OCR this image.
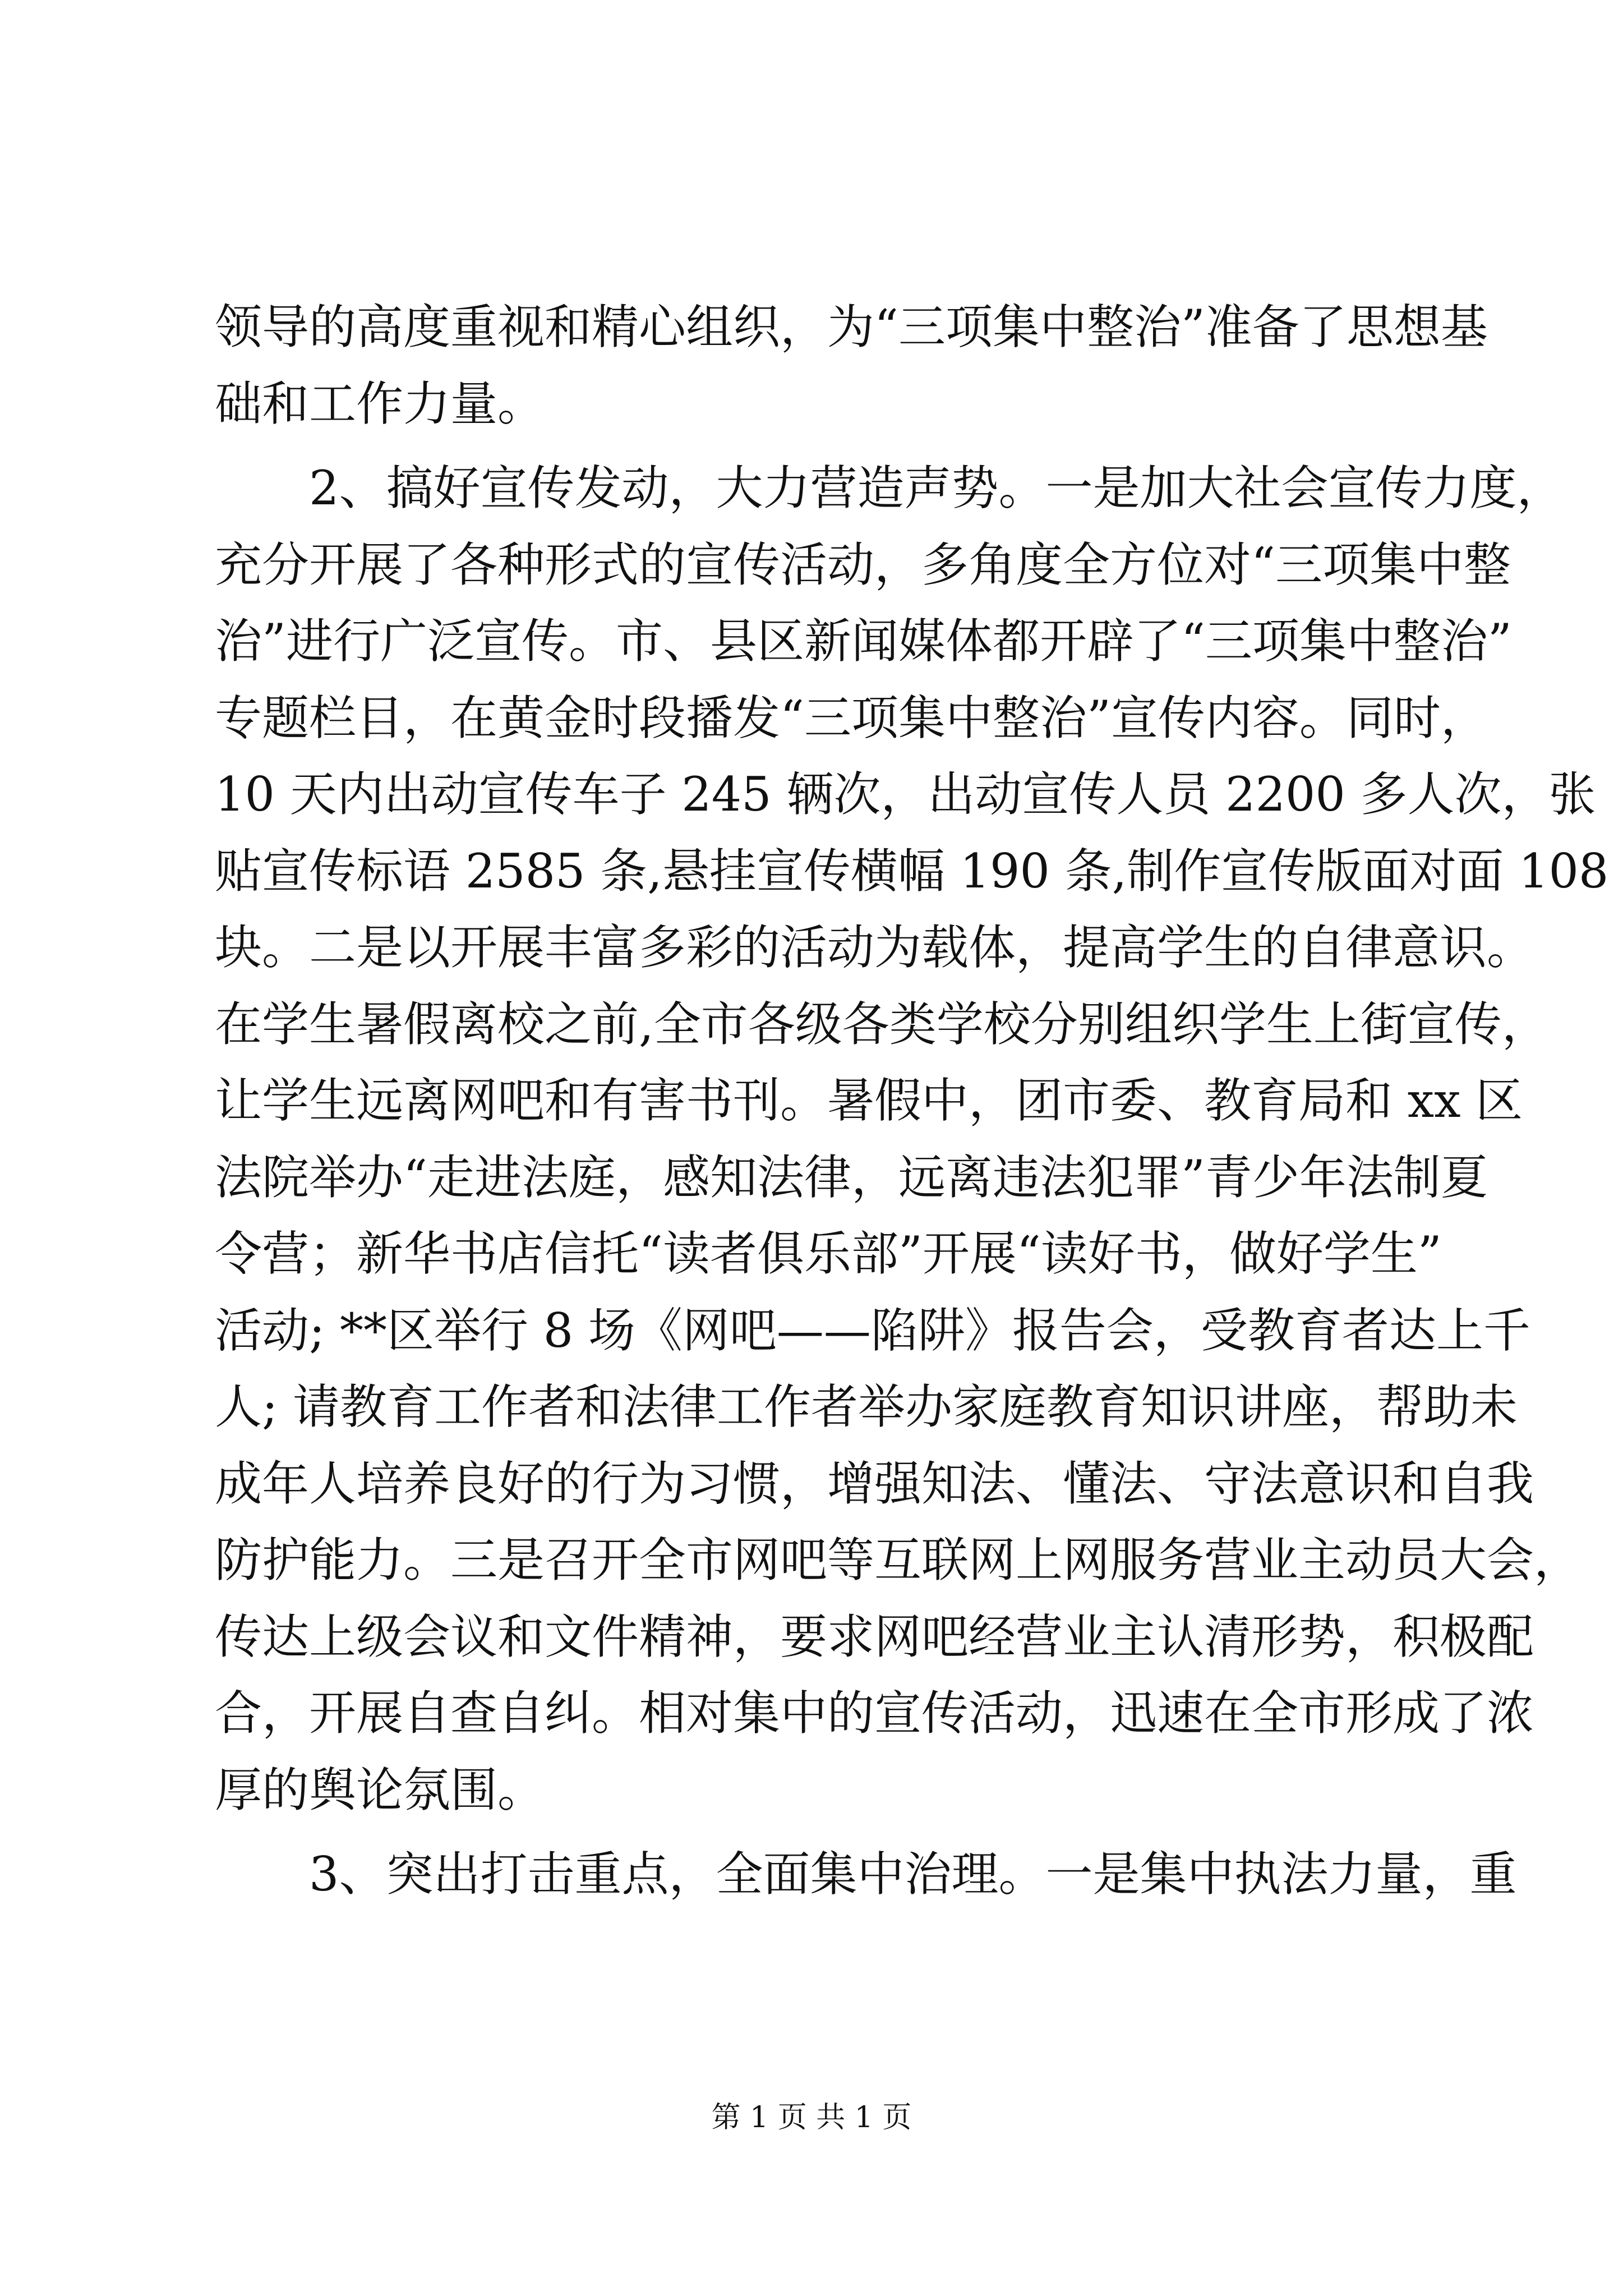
领导的高度重视和精心组织，为“三项集中整治”准备了思想基
础和工作力量。

2、搞好宣传发动，大力营造声势。一是加大社会宣传力度，
充分开展了各种形式的宣传活动，多角度全方位对“三项集中整
治”进行广泛宣传。市、县区新闻媒体都开辟了“三项集中整治”
专题栏目，在黄金时段播发“三项集中整治”宣传内容。同时，
10 天内出动宣传车子 245 辆次，出动宣传人员 2200 多人次，张
贴宣传标语 2585 条,悬挂宣传横幅 190 条,制作宣传版面对面 108
块。二是以开展丰富多彩的活动为载体，提高学生的自律意识。
在学生暑假离校之前,全市各级各类学校分别组织学生上街宣传，
让学生远离网吧和有害书刊。暑假中，团市委、教育局和 xx 区
法院举办“走进法庭，感知法律，远离违法犯罪”青少年法制夏
令营；新华书店信托“读者俱乐部”开展“读好书，做好学生”
活动; **区举行 8 场《网吧——陷阱》报告会，受教育者达上千
人; 请教育工作者和法律工作者举办家庭教育知识讲座，帮助未
成年人培养良好的行为习惯，增强知法、懂法、守法意识和自我
防护能力。三是召开全市网吧等互联网上网服务营业主动员大会，
传达上级会议和文件精神，要求网吧经营业主认清形势，积极配
合，开展自查自纠。相对集中的宣传活动，迅速在全市形成了浓
厚的舆论氛围。

3、突出打击重点，全面集中治理。一是集中执法力量，重

第 1 页 共 1 页
